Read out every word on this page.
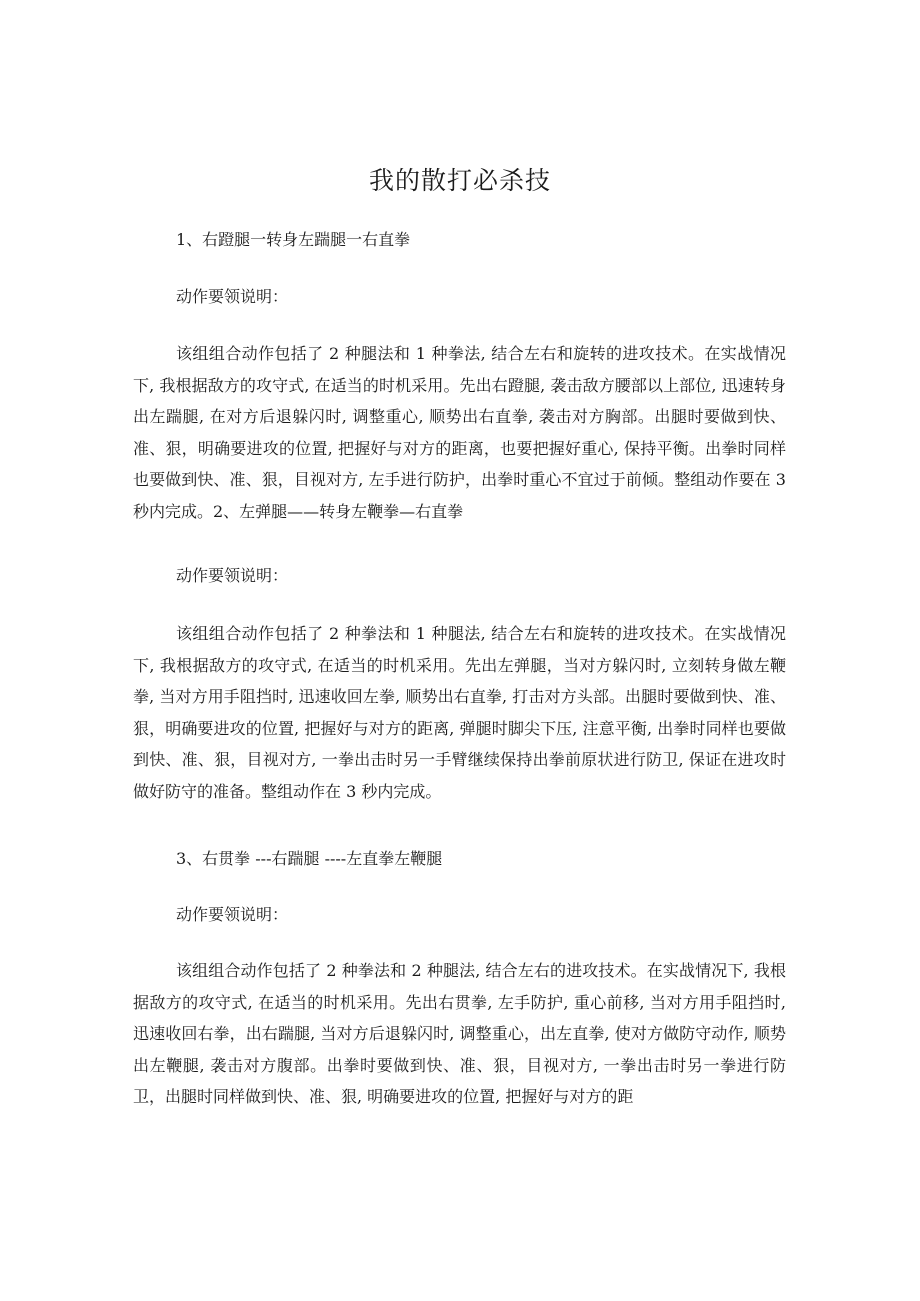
我的散打必杀技

1、右蹬腿一转身左踹腿一右直拳

动作要领说明：

该组组合动作包括了 2 种腿法和 1 种拳法, 结合左右和旋转的进攻技术。在实战情况下, 我根据敌方的攻守式, 在适当的时机采用。先出右蹬腿, 袭击敌方腰部以上部位, 迅速转身出左踹腿, 在对方后退躲闪时, 调整重心, 顺势出右直拳, 袭击对方胸部。出腿时要做到快、准、狠，明确要进攻的位置, 把握好与对方的距离，也要把握好重心, 保持平衡。出拳时同样也要做到快、准、狠，目视对方, 左手进行防护，出拳时重心不宜过于前倾。整组动作要在 3 秒内完成。2、左弹腿——转身左鞭拳—右直拳

动作要领说明：

该组组合动作包括了 2 种拳法和 1 种腿法, 结合左右和旋转的进攻技术。在实战情况下, 我根据敌方的攻守式, 在适当的时机采用。先出左弹腿，当对方躲闪时, 立刻转身做左鞭拳, 当对方用手阻挡时, 迅速收回左拳, 顺势出右直拳, 打击对方头部。出腿时要做到快、准、狠，明确要进攻的位置, 把握好与对方的距离, 弹腿时脚尖下压, 注意平衡, 出拳时同样也要做到快、准、狠，目视对方, 一拳出击时另一手臂继续保持出拳前原状进行防卫, 保证在进攻时做好防守的准备。整组动作在 3 秒内完成。

3、右贯拳 ---右踹腿 ----左直拳左鞭腿

动作要领说明：

该组组合动作包括了 2 种拳法和 2 种腿法, 结合左右的进攻技术。在实战情况下, 我根据敌方的攻守式, 在适当的时机采用。先出右贯拳, 左手防护, 重心前移, 当对方用手阻挡时, 迅速收回右拳，出右踹腿, 当对方后退躲闪时, 调整重心，出左直拳, 使对方做防守动作, 顺势出左鞭腿, 袭击对方腹部。出拳时要做到快、准、狠，目视对方, 一拳出击时另一拳进行防卫，出腿时同样做到快、准、狠, 明确要进攻的位置, 把握好与对方的距
